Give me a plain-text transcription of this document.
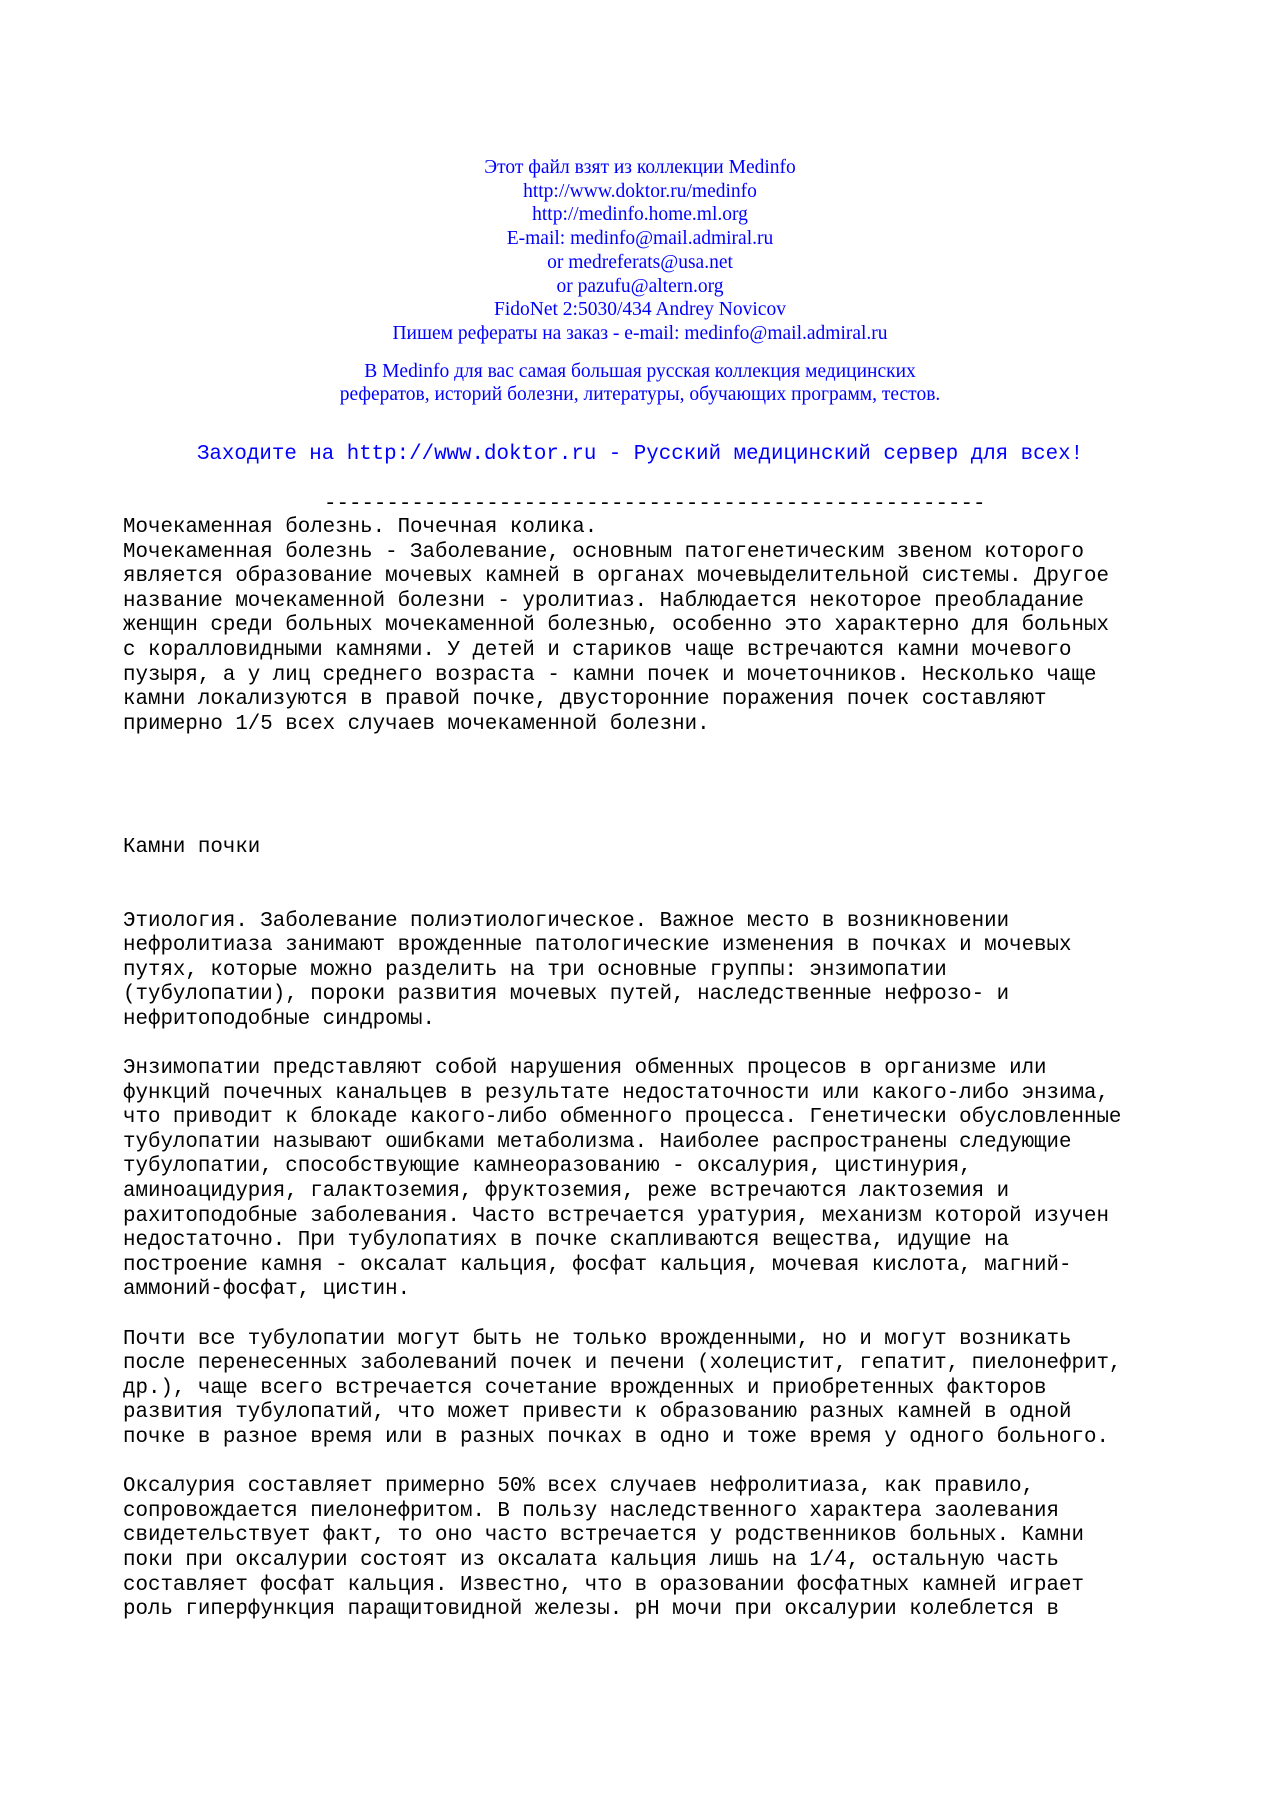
Этот файл взят из коллекции Medinfo
http://www.doktor.ru/medinfo
http://medinfo.home.ml.org
E-mail: medinfo@mail.admiral.ru
or medreferats@usa.net
or pazufu@altern.org
FidoNet 2:5030/434 Andrey Novicov
Пишем рефераты на заказ - e-mail: medinfo@mail.admiral.ru
В Medinfo для вас самая большая русская коллекция медицинских
рефератов, историй болезни, литературы, обучающих программ, тестов.
Заходите на http://www.doktor.ru - Русский медицинский сервер для всех!
-----------------------------------------------------
Мочекаменная болезнь. Почечная колика.
Мочекаменная болезнь - Заболевание, основным патогенетическим звеном которого
является образование мочевых камней в органах мочевыделительной системы. Другое
название мочекаменной болезни - уролитиаз. Наблюдается некоторое преобладание
женщин среди больных мочекаменной болезнью, особенно это характерно для больных
с коралловидными камнями. У детей и стариков чаще встречаются камни мочевого
пузыря, а у лиц среднего возраста - камни почек и мочеточников. Несколько чаще
камни локализуются в правой почке, двусторонние поражения почек составляют
примерно 1/5 всех случаев мочекаменной болезни.
Камни почки
Этиология. Заболевание полиэтиологическое. Важное место в возникновении
нефролитиаза занимают врожденные патологические изменения в почках и мочевых
путях, которые можно разделить на три основные группы: энзимопатии
(тубулопатии), пороки развития мочевых путей, наследственные нефрозо- и
нефритоподобные синдромы.
Энзимопатии представляют собой нарушения обменных процесов в организме или
функций почечных канальцев в результате недостаточности или какого-либо энзима,
что приводит к блокаде какого-либо обменного процесса. Генетически обусловленные
тубулопатии называют ошибками метаболизма. Наиболее распространены следующие
тубулопатии, способствующие камнеоразованию - оксалурия, цистинурия,
аминоацидурия, галактоземия, фруктоземия, реже встречаются лактоземия и
рахитоподобные заболевания. Часто встречается уратурия, механизм которой изучен
недостаточно. При тубулопатиях в почке скапливаются вещества, идущие на
построение камня - оксалат кальция, фосфат кальция, мочевая кислота, магний-
аммоний-фосфат, цистин.
Почти все тубулопатии могут быть не только врожденными, но и могут возникать
после перенесенных заболеваний почек и печени (холецистит, гепатит, пиелонефрит,
др.), чаще всего встречается сочетание врожденных и приобретенных факторов
развития тубулопатий, что может привести к образованию разных камней в одной
почке в разное время или в разных почках в одно и тоже время у одного больного.
Оксалурия составляет примерно 50% всех случаев нефролитиаза, как правило,
сопровождается пиелонефритом. В пользу наследственного характера заолевания
свидетельствует факт, то оно часто встречается у родственников больных. Камни
поки при оксалурии состоят из оксалата кальция лишь на 1/4, остальную часть
составляет фосфат кальция. Известно, что в оразовании фосфатных камней играет
роль гиперфункция паращитовидной железы. pH мочи при оксалурии колеблется в
